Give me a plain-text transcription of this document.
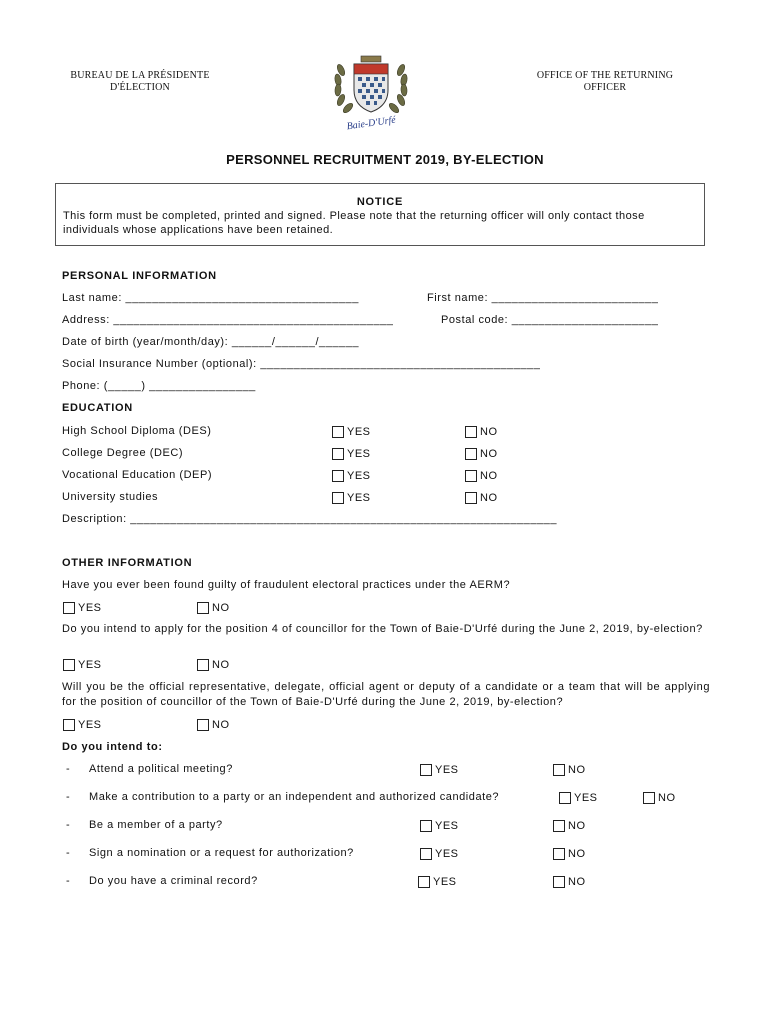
BUREAU DE LA PRÉSIDENTE
D'ÉLECTION
OFFICE OF THE RETURNING
OFFICER
Baie-D'Urfé
PERSONNEL RECRUITMENT 2019, BY-ELECTION
NOTICE
This form must be completed, printed and signed. Please note that the returning officer will only contact those individuals whose applications have been retained.
PERSONAL INFORMATION
Last name: ___________________________________	First name: _________________________
Address: __________________________________________	Postal code: ______________________
Date of birth (year/month/day): ______/______/______
Social Insurance Number (optional): __________________________________________
Phone: (_____) ________________
EDUCATION
High School Diploma (DES)	YES	NO
College Degree (DEC)	YES	NO
Vocational Education (DEP)	YES	NO
University studies	YES	NO
Description: ________________________________________________________________
OTHER INFORMATION
Have you ever been found guilty of fraudulent electoral practices under the AERM?
YES	NO
Do you intend to apply for the position 4 of councillor for the Town of Baie-D'Urfé during the June 2, 2019, by-election?
YES	NO
Will you be the official representative, delegate, official agent or deputy of a candidate or a team that will be applying for the position of councillor of the Town of Baie-D'Urfé during the June 2, 2019, by-election?
YES	NO
Do you intend to:
- Attend a political meeting?	YES	NO
- Make a contribution to a party or an independent and authorized candidate?	YES	NO
- Be a member of a party?	YES	NO
- Sign a nomination or a request for authorization?	YES	NO
- Do you have a criminal record?	YES	NO
